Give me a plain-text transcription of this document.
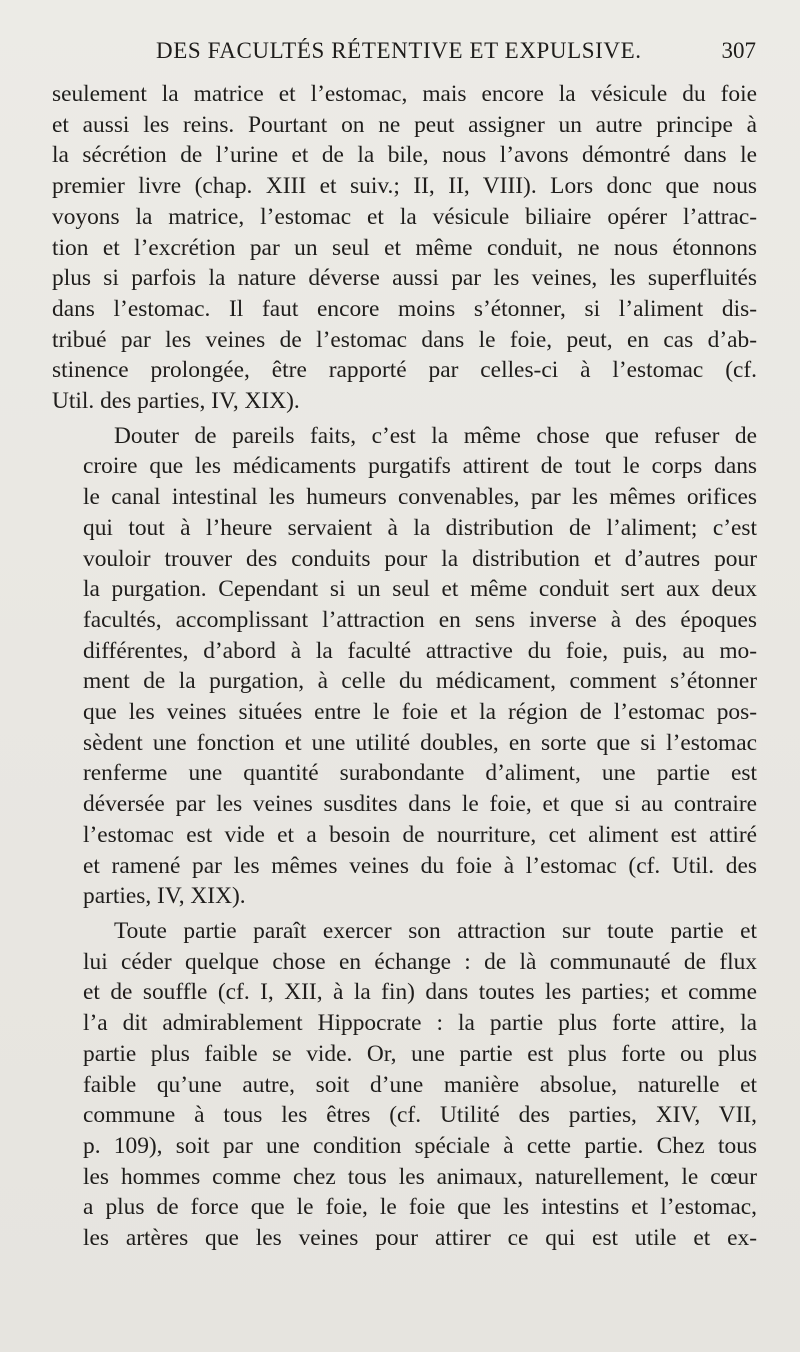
DES FACULTÉS RÉTENTIVE ET EXPULSIVE.	307
seulement la matrice et l’estomac, mais encore la vésicule du foie
et aussi les reins. Pourtant on ne peut assigner un autre principe à
la sécrétion de l’urine et de la bile, nous l’avons démontré dans le
premier livre (chap. XIII et suiv.; II, II, VIII). Lors donc que nous
voyons la matrice, l’estomac et la vésicule biliaire opérer l’attrac-
tion et l’excrétion par un seul et même conduit, ne nous étonnons
plus si parfois la nature déverse aussi par les veines, les superfluités
dans l’estomac. Il faut encore moins s’étonner, si l’aliment dis-
tribué par les veines de l’estomac dans le foie, peut, en cas d’ab-
stinence prolongée, être rapporté par celles-ci à l’estomac (cf.
Util. des parties, IV, XIX).
Douter de pareils faits, c’est la même chose que refuser de
croire que les médicaments purgatifs attirent de tout le corps dans
le canal intestinal les humeurs convenables, par les mêmes orifices
qui tout à l’heure servaient à la distribution de l’aliment; c’est
vouloir trouver des conduits pour la distribution et d’autres pour
la purgation. Cependant si un seul et même conduit sert aux deux
facultés, accomplissant l’attraction en sens inverse à des époques
différentes, d’abord à la faculté attractive du foie, puis, au mo-
ment de la purgation, à celle du médicament, comment s’étonner
que les veines situées entre le foie et la région de l’estomac pos-
sèdent une fonction et une utilité doubles, en sorte que si l’estomac
renferme une quantité surabondante d’aliment, une partie est
déversée par les veines susdites dans le foie, et que si au contraire
l’estomac est vide et a besoin de nourriture, cet aliment est attiré
et ramené par les mêmes veines du foie à l’estomac (cf. Util. des
parties, IV, XIX).
Toute partie paraît exercer son attraction sur toute partie et
lui céder quelque chose en échange : de là communauté de flux
et de souffle (cf. I, XII, à la fin) dans toutes les parties; et comme
l’a dit admirablement Hippocrate : la partie plus forte attire, la
partie plus faible se vide. Or, une partie est plus forte ou plus
faible qu’une autre, soit d’une manière absolue, naturelle et
commune à tous les êtres (cf. Utilité des parties, XIV, VII,
p. 109), soit par une condition spéciale à cette partie. Chez tous
les hommes comme chez tous les animaux, naturellement, le cœur
a plus de force que le foie, le foie que les intestins et l’estomac,
les artères que les veines pour attirer ce qui est utile et ex-
